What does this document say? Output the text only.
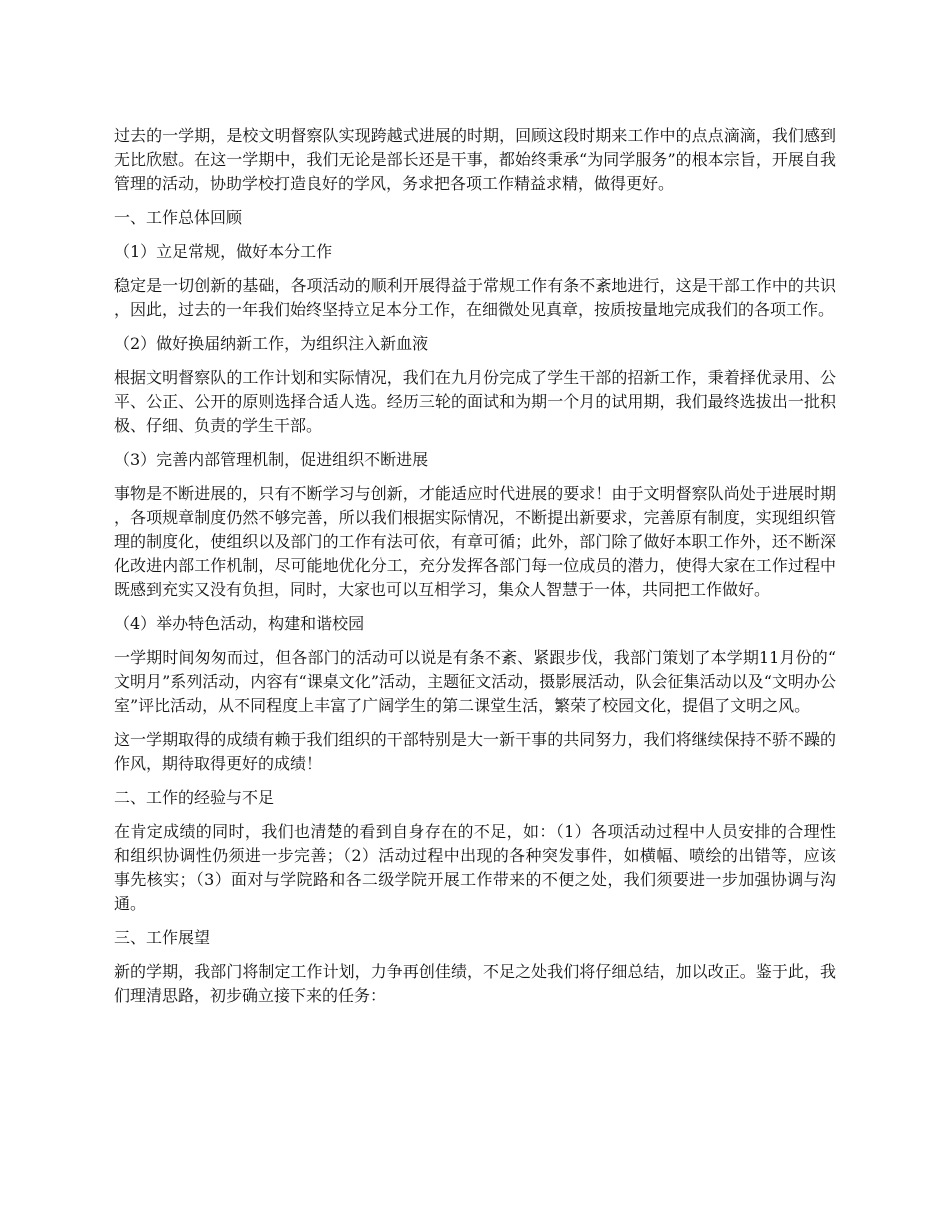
过去的一学期，是校文明督察队实现跨越式进展的时期，回顾这段时期来工作中的点点滴滴，我们感到无比欣慰。在这一学期中，我们无论是部长还是干事，都始终秉承“为同学服务”的根本宗旨，开展自我管理的活动，协助学校打造良好的学风，务求把各项工作精益求精，做得更好。

一、工作总体回顾

（1）立足常规，做好本分工作

稳定是一切创新的基础，各项活动的顺利开展得益于常规工作有条不紊地进行，这是干部工作中的共识，因此，过去的一年我们始终坚持立足本分工作，在细微处见真章，按质按量地完成我们的各项工作。

（2）做好换届纳新工作，为组织注入新血液

根据文明督察队的工作计划和实际情况，我们在九月份完成了学生干部的招新工作，秉着择优录用、公平、公正、公开的原则选择合适人选。经历三轮的面试和为期一个月的试用期，我们最终选拔出一批积极、仔细、负责的学生干部。

（3）完善内部管理机制，促进组织不断进展

事物是不断进展的，只有不断学习与创新，才能适应时代进展的要求！由于文明督察队尚处于进展时期，各项规章制度仍然不够完善，所以我们根据实际情况，不断提出新要求，完善原有制度，实现组织管理的制度化，使组织以及部门的工作有法可依，有章可循；此外，部门除了做好本职工作外，还不断深化改进内部工作机制，尽可能地优化分工，充分发挥各部门每一位成员的潜力，使得大家在工作过程中既感到充实又没有负担，同时，大家也可以互相学习，集众人智慧于一体，共同把工作做好。

（4）举办特色活动，构建和谐校园

一学期时间匆匆而过，但各部门的活动可以说是有条不紊、紧跟步伐，我部门策划了本学期11月份的“文明月”系列活动，内容有“课桌文化”活动，主题征文活动，摄影展活动，队会征集活动以及“文明办公室”评比活动，从不同程度上丰富了广阔学生的第二课堂生活，繁荣了校园文化，提倡了文明之风。

这一学期取得的成绩有赖于我们组织的干部特别是大一新干事的共同努力，我们将继续保持不骄不躁的作风，期待取得更好的成绩！

二、工作的经验与不足

在肯定成绩的同时，我们也清楚的看到自身存在的不足，如：（1）各项活动过程中人员安排的合理性和组织协调性仍须进一步完善；（2）活动过程中出现的各种突发事件，如横幅、喷绘的出错等，应该事先核实；（3）面对与学院路和各二级学院开展工作带来的不便之处，我们须要进一步加强协调与沟通。

三、工作展望

新的学期，我部门将制定工作计划，力争再创佳绩，不足之处我们将仔细总结，加以改正。鉴于此，我们理清思路，初步确立接下来的任务：
